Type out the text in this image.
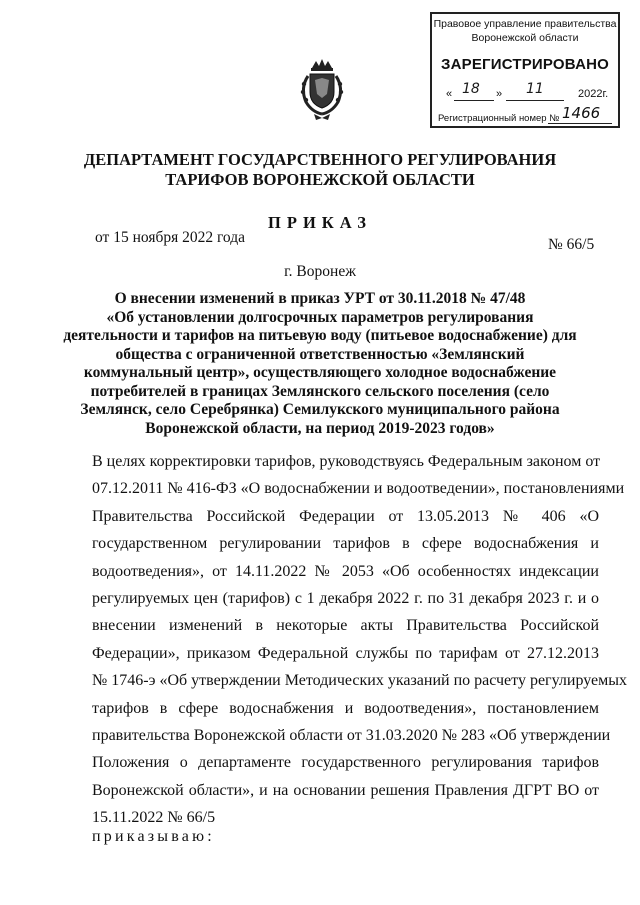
Правовое управление правительства
Воронежской области
ЗАРЕГИСТРИРОВАНО
« 18 » 11	2022г.
Регистрационный номер № 1466
ДЕПАРТАМЕНТ ГОСУДАРСТВЕННОГО РЕГУЛИРОВАНИЯ
ТАРИФОВ ВОРОНЕЖСКОЙ ОБЛАСТИ
ПРИКАЗ
от 15 ноября 2022 года	№ 66/5
г. Воронеж
О внесении изменений в приказ УРТ от 30.11.2018 № 47/48
«Об установлении долгосрочных параметров регулирования
деятельности и тарифов на питьевую воду (питьевое водоснабжение) для
общества с ограниченной ответственностью «Землянский
коммунальный центр», осуществляющего холодное водоснабжение
потребителей в границах Землянского сельского поселения (село
Землянск, село Серебрянка) Семилукского муниципального района
Воронежской области, на период 2019-2023 годов»
В целях корректировки тарифов, руководствуясь Федеральным законом от
07.12.2011 № 416-ФЗ «О водоснабжении и водоотведении», постановлениями
Правительства Российской Федерации от 13.05.2013 № 406 «О
государственном регулировании тарифов в сфере водоснабжения и
водоотведения», от 14.11.2022 № 2053 «Об особенностях индексации
регулируемых цен (тарифов) с 1 декабря 2022 г. по 31 декабря 2023 г. и о
внесении изменений в некоторые акты Правительства Российской
Федерации», приказом Федеральной службы по тарифам от 27.12.2013
№ 1746-э «Об утверждении Методических указаний по расчету регулируемых
тарифов в сфере водоснабжения и водоотведения», постановлением
правительства Воронежской области от 31.03.2020 № 283 «Об утверждении
Положения о департаменте государственного регулирования тарифов
Воронежской области», и на основании решения Правления ДГРТ ВО от
15.11.2022 № 66/5
приказываю:
